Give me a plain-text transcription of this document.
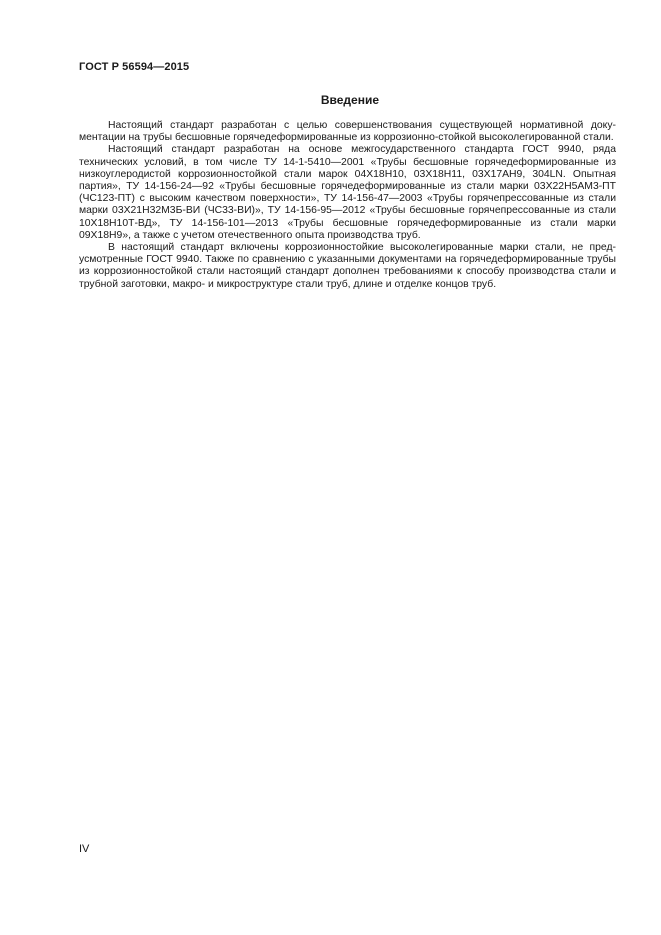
ГОСТ Р 56594—2015
Введение

Настоящий стандарт разработан с целью совершенствования существующей нормативной документации на трубы бесшовные горячедеформированные из коррозионно-стойкой высоколегированной стали.

Настоящий стандарт разработан на основе межгосударственного стандарта ГОСТ 9940, ряда технических условий, в том числе ТУ 14-1-5410—2001 «Трубы бесшовные горячедеформированные из низкоуглеродистой коррозионностойкой стали марок 04Х18Н10, 03Х18Н11, 03Х17АН9, 304LN. Опытная партия», ТУ 14-156-24—92 «Трубы бесшовные горячедеформированные из стали марки 03Х22Н5АМ3-ПТ (ЧС123-ПТ) с высоким качеством поверхности», ТУ 14-156-47—2003 «Трубы горячепрессованные из стали марки 03Х21Н32М3Б-ВИ (ЧС33-ВИ)», ТУ 14-156-95—2012 «Трубы бесшовные горячепрессованные из стали 10Х18Н10Т-ВД», ТУ 14-156-101—2013 «Трубы бесшовные горячедеформированные из стали марки 09Х18Н9», а также с учетом отечественного опыта производства труб.

В настоящий стандарт включены коррозионностойкие высоколегированные марки стали, не предусмотренные ГОСТ 9940. Также по сравнению с указанными документами на горячедеформированные трубы из коррозионностойкой стали настоящий стандарт дополнен требованиями к способу производства стали и трубной заготовки, макро- и микроструктуре стали труб, длине и отделке концов труб.

IV
